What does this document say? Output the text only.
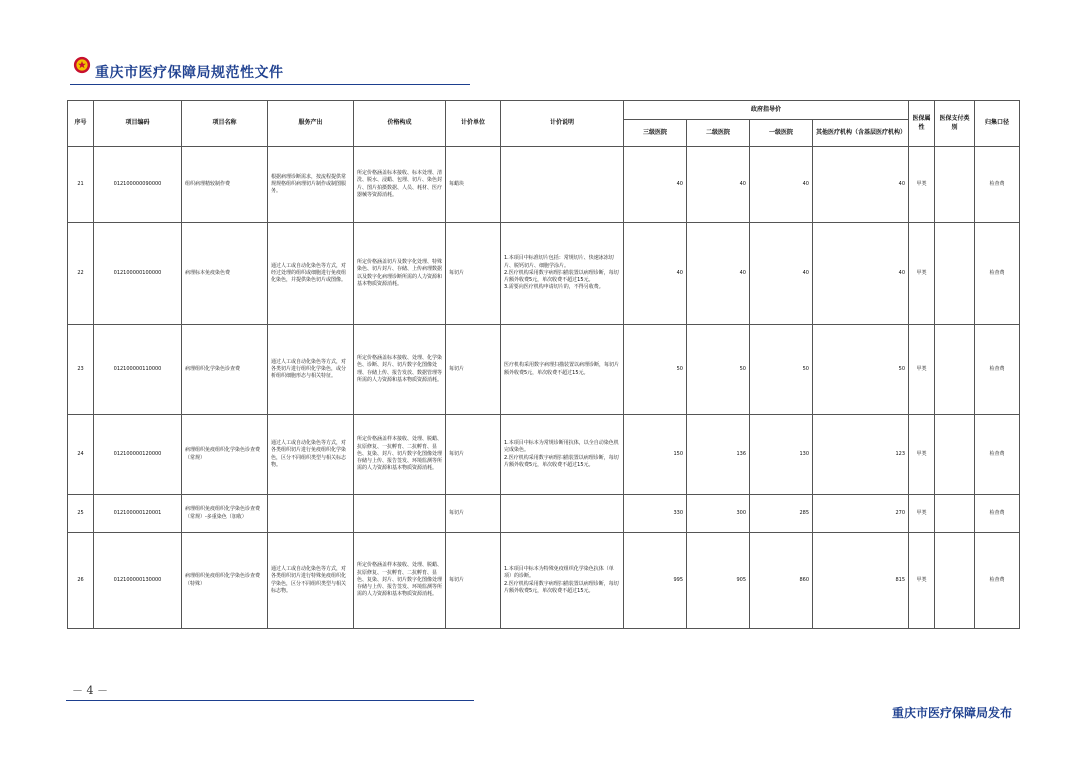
重庆市医疗保障局规范性文件
序号	项目编码	项目名称	服务产出	价格构成	计价单位	计价说明	政府指导价				医保属性	医保支付类别	归集口径
							三级医院	二级医院	一级医院	其他医疗机构（含基层医疗机构）			
21	012100000090000	组织病理精较制作费	根据病理诊断需求，按流程提供常规规格组织病理切片制作或制图服务。	所定价格涵盖标本接收、标本处理、清洗、脱水、浸蜡、包埋、切片、染色封片、图片拍摄数据、人员、耗材、医疗器械等资源消耗。	每蜡块		40	40	40	40	甲类		检查费
22	012100000100000	病理标本免疫染色费	通过人工或自动化染色等方式，对经过处理的组织或细胞进行免疫组化染色，并提供染色切片或图像。	所定价格涵盖切片及数字化处理、特殊染色、切片封片、存储、上传病理数据以及数字化病理诊断所需的人力资源和基本物质资源消耗。	每切片	1.本项目中标准切片包括：常规切片、快速冰冻切片、脱钙切片、细胞学涂片。
2.医疗机构采用数字病理扫描装置以病理诊断，每切片额外收费5元，单次收费不超过15元。
3.需要向医疗机构申请切片的，不得另收费。	40	40	40	40	甲类		检查费
23	012100000110000	病理组织化学染色诊查费	通过人工或自动化染色等方式，对各类切片进行组织化学染色，或分析组织细胞形态与相关特征。	所定价格涵盖标本接收、处理、化学染色、诊断、封片、切片数字化图像处理、存储上传、报告发放、数据管理等所需的人力资源和基本物质资源消耗。	每切片	医疗机构采用数字病理扫描装置以病理诊断，每切片额外收费5元，单次收费不超过15元。	50	50	50	50	甲类		检查费
24	012100000120000	病理组织免疫组织化学染色诊查费（常规）	通过人工或自动化染色等方式，对各类组织切片进行免疫组织化学染色，区分不同组织类型与相关标志物。	所定价格涵盖样本接收、处理、脱蜡、抗原修复、一抗孵育、二抗孵育、显色、复染、封片、切片数字化图像处理存储与上传、报告签发、环境监测等所需的人力资源和基本物质资源消耗。	每切片	1.本项目中标本为常规诊断用抗体，以全自动染色机完成染色。
2.医疗机构采用数字病理扫描装置以病理诊断，每切片额外收费5元，单次收费不超过15元。	150	136	130	123	甲类		检查费
25	012100000120001	病理组织免疫组织化学染色诊查费（常规）-多重染色（加收）			每切片		330	300	285	270	甲类		检查费
26	012100000130000	病理组织免疫组织化学染色诊查费（特殊）	通过人工或自动化染色等方式，对各类组织切片进行特殊免疫组织化学染色，区分不同组织类型与相关标志物。	所定价格涵盖样本接收、处理、脱蜡、抗原修复、一抗孵育、二抗孵育、显色、复染、封片、切片数字化图像处理存储与上传、报告签发、环境监测等所需的人力资源和基本物质资源消耗。	每切片	1.本项目中标本为特殊免疫组织化学染色抗体（单项）的诊断。
2.医疗机构采用数字病理扫描装置以病理诊断，每切片额外收费5元，单次收费不超过15元。	995	905	860	815	甲类		检查费
－ 4 －
重庆市医疗保障局发布
